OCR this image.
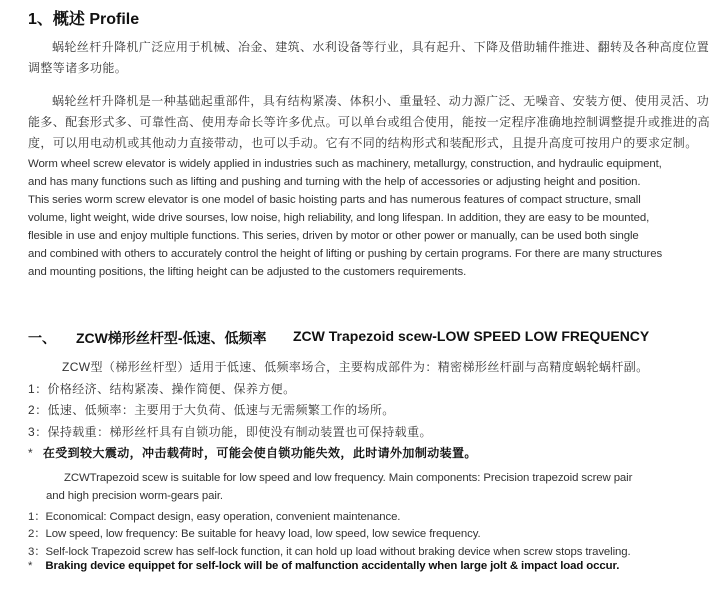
1、概述 Profile
蜗轮丝杆升降机广泛应用于机械、冶金、建筑、水利设备等行业，具有起升、下降及借助辅件推进、翻转及各种高度位置
调整等诸多功能。
蜗轮丝杆升降机是一种基础起重部件，具有结构紧凑、体积小、重量轻、动力源广泛、无噪音、安装方便、使用灵活、功
能多、配套形式多、可靠性高、使用寿命长等许多优点。可以单台或组合使用，能按一定程序准确地控制调整提升或推进的高
度，可以用电动机或其他动力直接带动，也可以手动。它有不同的结构形式和装配形式，且提升高度可按用户的要求定制。
Worm wheel screw elevator is widely applied in industries such as machinery, metallurgy, construction, and hydraulic equipment,
and has many functions such as lifting and pushing and turning with the help of accessories or adjusting height and position.
This series worm screw elevator is one model of basic hoisting parts and has numerous features of compact structure, small
volume, light weight, wide drive sourses, low noise, high reliability, and long lifespan. In addition, they are easy to be mounted,
flesible in use and enjoy multiple functions. This series, driven by motor or other power or manually, can be used both single
and combined with others to accurately control the height of lifting or pushing by certain programs. For there are many structures
and mounting positions, the lifting height can be adjusted to the customers requirements.
一、 ZCW梯形丝杆型-低速、低频率 ZCW Trapezoid scew-LOW SPEED LOW FREQUENCY
ZCW型（梯形丝杆型）适用于低速、低频率场合，主要构成部件为：精密梯形丝杆副与高精度蜗轮蜗杆副。
1：价格经济、结构紧凑、操作简便、保养方便。
2：低速、低频率：主要用于大负荷、低速与无需频繁工作的场所。
3：保持载重：梯形丝杆具有自锁功能，即使没有制动装置也可保持载重。
* 在受到较大震动，冲击载荷时，可能会使自锁功能失效，此时请外加制动装置。
ZCWTrapezoid scew is suitable for low speed and low frequency. Main components: Precision trapezoid screw pair
and high precision worm-gears pair.
1：Economical: Compact design, easy operation, convenient maintenance.
2：Low speed, low frequency: Be suitable for heavy load, low speed, low sewice frequency.
3：Self-lock Trapezoid screw has self-lock function, it can hold up load without braking device when screw stops traveling.
* Braking device equippet for self-lock will be of malfunction accidentally when large jolt & impact load occur.
